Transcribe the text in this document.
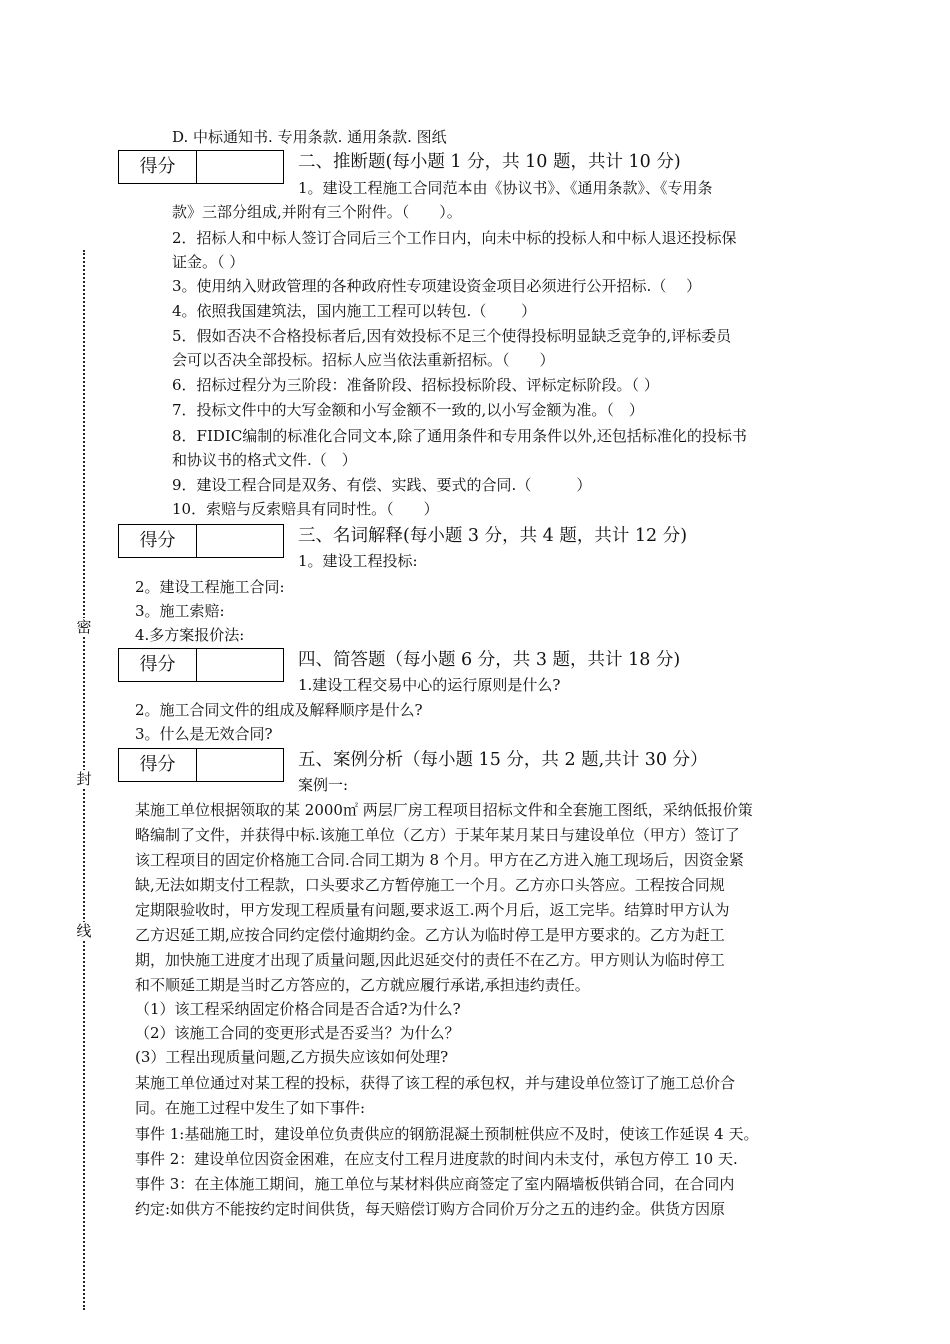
密
封
线
D. 中标通知书. 专用条款. 通用条款. 图纸
得分	二、推断题(每小题 1 分，共 10 题，共计 10 分)
1。建设工程施工合同范本由《协议书》、《通用条款》、《专用条
款》三部分组成,并附有三个附件。（　　）。
2．招标人和中标人签订合同后三个工作日内，向未中标的投标人和中标人退还投标保
证金。（ ）
3。使用纳入财政管理的各种政府性专项建设资金项目必须进行公开招标.（　 ）
4。依照我国建筑法，国内施工工程可以转包.（　　 ）
5．假如否决不合格投标者后,因有效投标不足三个使得投标明显缺乏竞争的,评标委员
会可以否决全部投标。招标人应当依法重新招标。（　　）
6．招标过程分为三阶段：准备阶段、招标投标阶段、评标定标阶段。（ ）
7．投标文件中的大写金额和小写金额不一致的,以小写金额为准。（　）
8．FIDIC编制的标准化合同文本,除了通用条件和专用条件以外,还包括标准化的投标书
和协议书的格式文件.（　）
9．建设工程合同是双务、有偿、实践、要式的合同.（　　　）
10．索赔与反索赔具有同时性。（　　）
得分	三、名词解释(每小题 3 分，共 4 题，共计 12 分)
1。建设工程投标:
2。建设工程施工合同:
3。施工索赔:
4.多方案报价法:
得分	四、简答题（每小题 6 分，共 3 题，共计 18 分)
1.建设工程交易中心的运行原则是什么?
2。施工合同文件的组成及解释顺序是什么?
3。什么是无效合同?
得分	五、案例分析（每小题 15 分，共 2 题,共计 30 分）
案例一:
某施工单位根据领取的某 2000㎡ 两层厂房工程项目招标文件和全套施工图纸，采纳低报价策
略编制了文件，并获得中标.该施工单位（乙方）于某年某月某日与建设单位（甲方）签订了
该工程项目的固定价格施工合同.合同工期为 8 个月。甲方在乙方进入施工现场后，因资金紧
缺,无法如期支付工程款，口头要求乙方暂停施工一个月。乙方亦口头答应。工程按合同规
定期限验收时，甲方发现工程质量有问题,要求返工.两个月后，返工完毕。结算时甲方认为
乙方迟延工期,应按合同约定偿付逾期约金。乙方认为临时停工是甲方要求的。乙方为赶工
期，加快施工进度才出现了质量问题,因此迟延交付的责任不在乙方。甲方则认为临时停工
和不顺延工期是当时乙方答应的，乙方就应履行承诺,承担违约责任。
（1）该工程采纳固定价格合同是否合适?为什么?
（2）该施工合同的变更形式是否妥当？为什么？
(3）工程出现质量问题,乙方损失应该如何处理?
某施工单位通过对某工程的投标，获得了该工程的承包权，并与建设单位签订了施工总价合
同。在施工过程中发生了如下事件:
事件 1:基础施工时，建设单位负责供应的钢筋混凝土预制桩供应不及时，使该工作延误 4 天。
事件 2：建设单位因资金困难，在应支付工程月进度款的时间内未支付，承包方停工 10 天.
事件 3：在主体施工期间，施工单位与某材料供应商签定了室内隔墙板供销合同，在合同内
约定:如供方不能按约定时间供货，每天赔偿订购方合同价万分之五的违约金。供货方因原
